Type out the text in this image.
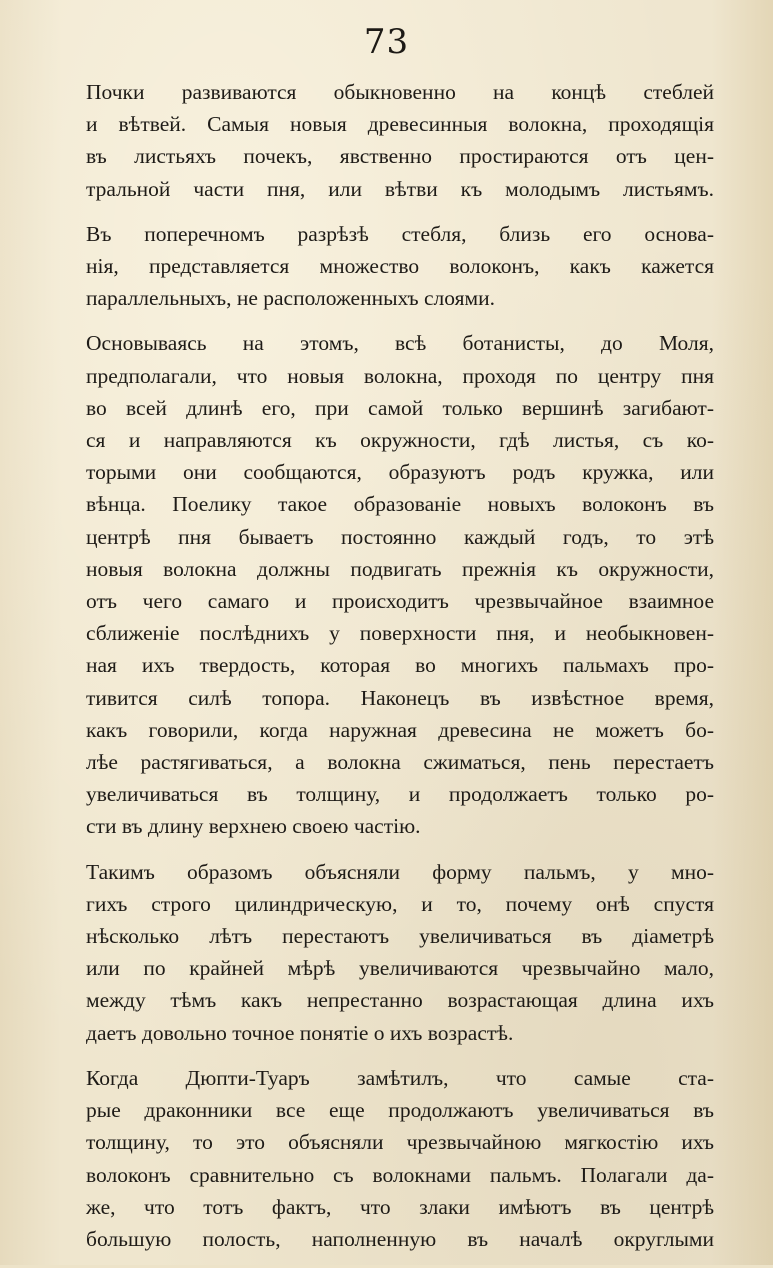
73
Почки развиваются обыкновенно на концѣ стеблей
и вѣтвей. Самыя новыя древесинныя волокна, проходящія
въ листьяхъ почекъ, явственно простираются отъ цен-
тральной части пня, или вѣтви къ молодымъ листьямъ.
Въ поперечномъ разрѣзѣ стебля, близь его основа-
нія, представляется множество волоконъ, какъ кажется
параллельныхъ, не расположенныхъ слоями.
Основываясь на этомъ, всѣ ботанисты, до Моля,
предполагали, что новыя волокна, проходя по центру пня
во всей длинѣ его, при самой только вершинѣ загибают-
ся и направляются къ окружности, гдѣ листья, съ ко-
торыми они сообщаются, образуютъ родъ кружка, или
вѣнца. Поелику такое образованіе новыхъ волоконъ въ
центрѣ пня бываетъ постоянно каждый годъ, то этѣ
новыя волокна должны подвигать прежнія къ окружности,
отъ чего самаго и происходитъ чрезвычайное взаимное
сближеніе послѣднихъ у поверхности пня, и необыкновен-
ная ихъ твердость, которая во многихъ пальмахъ про-
тивится силѣ топора. Наконецъ въ извѣстное время,
какъ говорили, когда наружная древесина не можетъ бо-
лѣе растягиваться, а волокна сжиматься, пень перестаетъ
увеличиваться въ толщину, и продолжаетъ только ро-
сти въ длину верхнею своею частію.
Такимъ образомъ объясняли форму пальмъ, у мно-
гихъ строго цилиндрическую, и то, почему онѣ спустя
нѣсколько лѣтъ перестаютъ увеличиваться въ діаметрѣ
или по крайней мѣрѣ увеличиваются чрезвычайно мало,
между тѣмъ какъ непрестанно возрастающая длина ихъ
даетъ довольно точное понятіе о ихъ возрастѣ.
Когда Дюпти-Туаръ замѣтилъ, что самые ста-
рые драконники все еще продолжаютъ увеличиваться въ
толщину, то это объясняли чрезвычайною мягкостію ихъ
волоконъ сравнительно съ волокнами пальмъ. Полагали да-
же, что тотъ фактъ, что злаки имѣютъ въ центрѣ
большую полость, наполненную въ началѣ округлыми
